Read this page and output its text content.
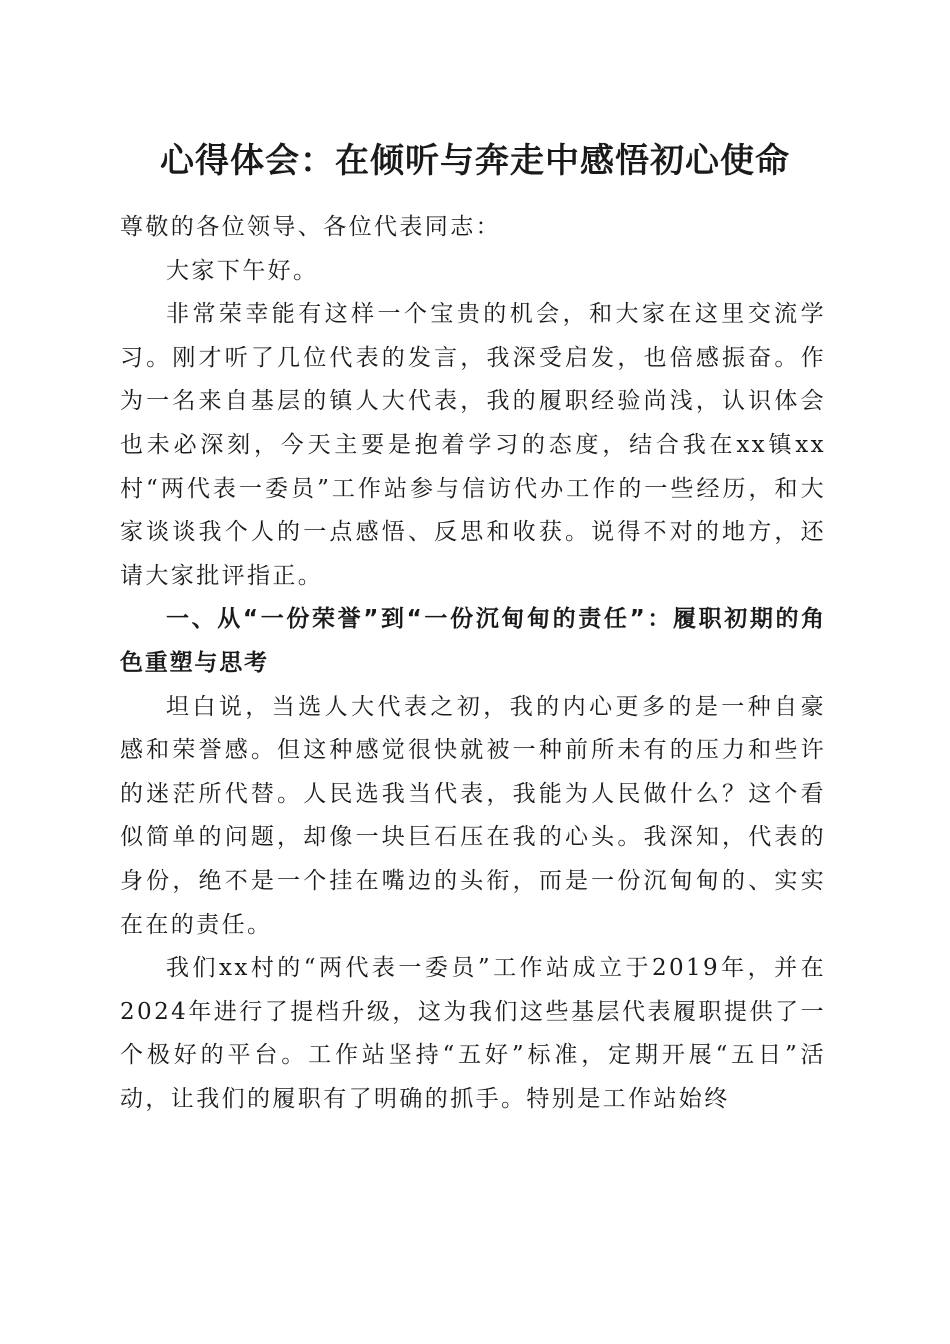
心得体会：在倾听与奔走中感悟初心使命

尊敬的各位领导、各位代表同志：

大家下午好。

非常荣幸能有这样一个宝贵的机会，和大家在这里交流学习。刚才听了几位代表的发言，我深受启发，也倍感振奋。作为一名来自基层的镇人大代表，我的履职经验尚浅，认识体会也未必深刻，今天主要是抱着学习的态度，结合我在xx镇xx村“两代表一委员”工作站参与信访代办工作的一些经历，和大家谈谈我个人的一点感悟、反思和收获。说得不对的地方，还请大家批评指正。

一、从“一份荣誉”到“一份沉甸甸的责任”：履职初期的角色重塑与思考

坦白说，当选人大代表之初，我的内心更多的是一种自豪感和荣誉感。但这种感觉很快就被一种前所未有的压力和些许的迷茫所代替。人民选我当代表，我能为人民做什么？这个看似简单的问题，却像一块巨石压在我的心头。我深知，代表的身份，绝不是一个挂在嘴边的头衔，而是一份沉甸甸的、实实在在的责任。

我们xx村的“两代表一委员”工作站成立于2019年，并在2024年进行了提档升级，这为我们这些基层代表履职提供了一个极好的平台。工作站坚持“五好”标准，定期开展“五日”活动，让我们的履职有了明确的抓手。特别是工作站始终
